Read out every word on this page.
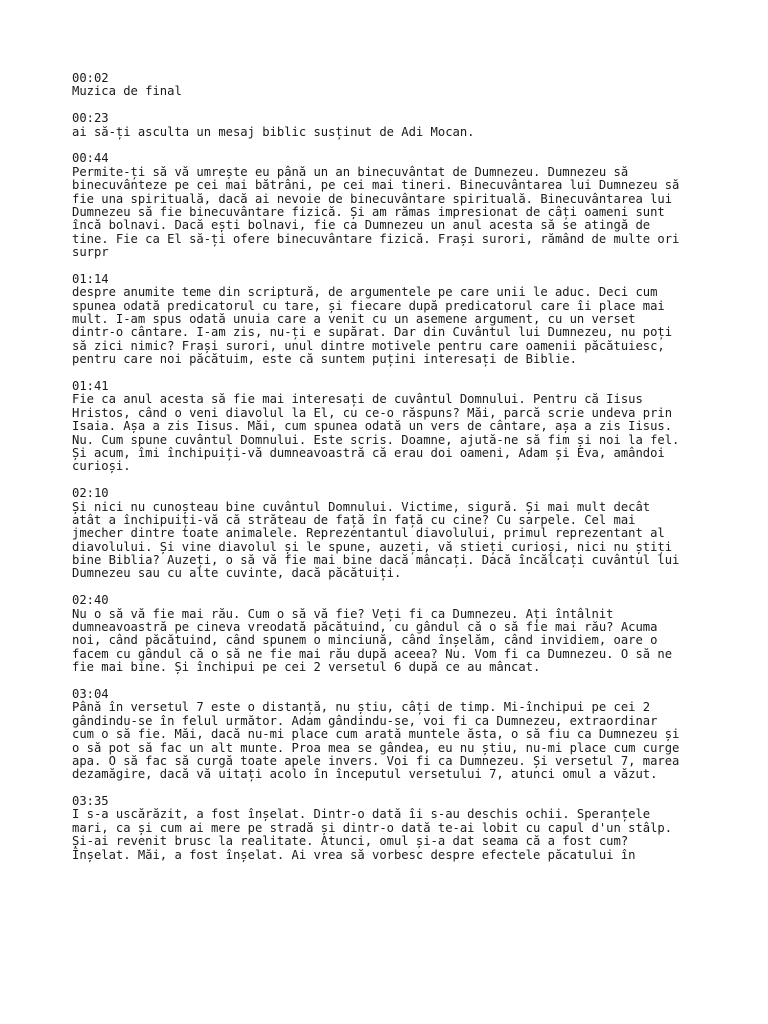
00:02
Muzica de final
00:23
ai să-ți asculta un mesaj biblic susținut de Adi Mocan.
00:44
Permite-ți să vă umrește eu până un an binecuvântat de Dumnezeu. Dumnezeu să
binecuvânteze pe cei mai bătrâni, pe cei mai tineri. Binecuvântarea lui Dumnezeu să
fie una spirituală, dacă ai nevoie de binecuvântare spirituală. Binecuvântarea lui
Dumnezeu să fie binecuvântare fizică. Și am rămas impresionat de câți oameni sunt
încă bolnavi. Dacă ești bolnavi, fie ca Dumnezeu un anul acesta să se atingă de
tine. Fie ca El să-ți ofere binecuvântare fizică. Frași surori, rămând de multe ori
surpr
01:14
despre anumite teme din scriptură, de argumentele pe care unii le aduc. Deci cum
spunea odată predicatorul cu tare, și fiecare după predicatorul care îi place mai
mult. I-am spus odată unuia care a venit cu un asemene argument, cu un verset
dintr-o cântare. I-am zis, nu-ți e supărat. Dar din Cuvântul lui Dumnezeu, nu poți
să zici nimic? Frași surori, unul dintre motivele pentru care oamenii păcătuiesc,
pentru care noi păcătuim, este că suntem puțini interesați de Biblie.
01:41
Fie ca anul acesta să fie mai interesați de cuvântul Domnului. Pentru că Iisus
Hristos, când o veni diavolul la El, cu ce-o răspuns? Măi, parcă scrie undeva prin
Isaia. Așa a zis Iisus. Măi, cum spunea odată un vers de cântare, așa a zis Iisus.
Nu. Cum spune cuvântul Domnului. Este scris. Doamne, ajută-ne să fim și noi la fel.
Și acum, îmi închipuiți-vă dumneavoastră că erau doi oameni, Adam și Eva, amândoi
curioși.
02:10
Și nici nu cunoșteau bine cuvântul Domnului. Victime, sigură. Și mai mult decât
atât a închipuiți-vă că străteau de față în față cu cine? Cu sarpele. Cel mai
jmecher dintre toate animalele. Reprezentantul diavolului, primul reprezentant al
diavolului. Și vine diavolul și le spune, auzeți, vă stieți curioși, nici nu știți
bine Biblia? Auzeți, o să vă fie mai bine dacă mâncați. Dacă încălcați cuvântul lui
Dumnezeu sau cu alte cuvinte, dacă păcătuiți.
02:40
Nu o să vă fie mai rău. Cum o să vă fie? Veți fi ca Dumnezeu. Ați întâlnit
dumneavoastră pe cineva vreodată păcătuind, cu gândul că o să fie mai rău? Acuma
noi, când păcătuind, când spunem o minciună, când înșelăm, când invidiem, oare o
facem cu gândul că o să ne fie mai rău după aceea? Nu. Vom fi ca Dumnezeu. O să ne
fie mai bine. Și închipui pe cei 2 versetul 6 după ce au mâncat.
03:04
Până în versetul 7 este o distanță, nu știu, câți de timp. Mi-închipui pe cei 2
gândindu-se în felul următor. Adam gândindu-se, voi fi ca Dumnezeu, extraordinar
cum o să fie. Măi, dacă nu-mi place cum arată muntele ăsta, o să fiu ca Dumnezeu și
o să pot să fac un alt munte. Proa mea se gândea, eu nu știu, nu-mi place cum curge
apa. O să fac să curgă toate apele invers. Voi fi ca Dumnezeu. Și versetul 7, marea
dezamăgire, dacă vă uitați acolo în începutul versetului 7, atunci omul a văzut.
03:35
I s-a uscărăzit, a fost înșelat. Dintr-o dată îi s-au deschis ochii. Speranțele
mari, ca și cum ai mere pe stradă și dintr-o dată te-ai lobit cu capul d'un stâlp.
Și-ai revenit brusc la realitate. Atunci, omul și-a dat seama că a fost cum?
Înșelat. Măi, a fost înșelat. Ai vrea să vorbesc despre efectele păcatului în
